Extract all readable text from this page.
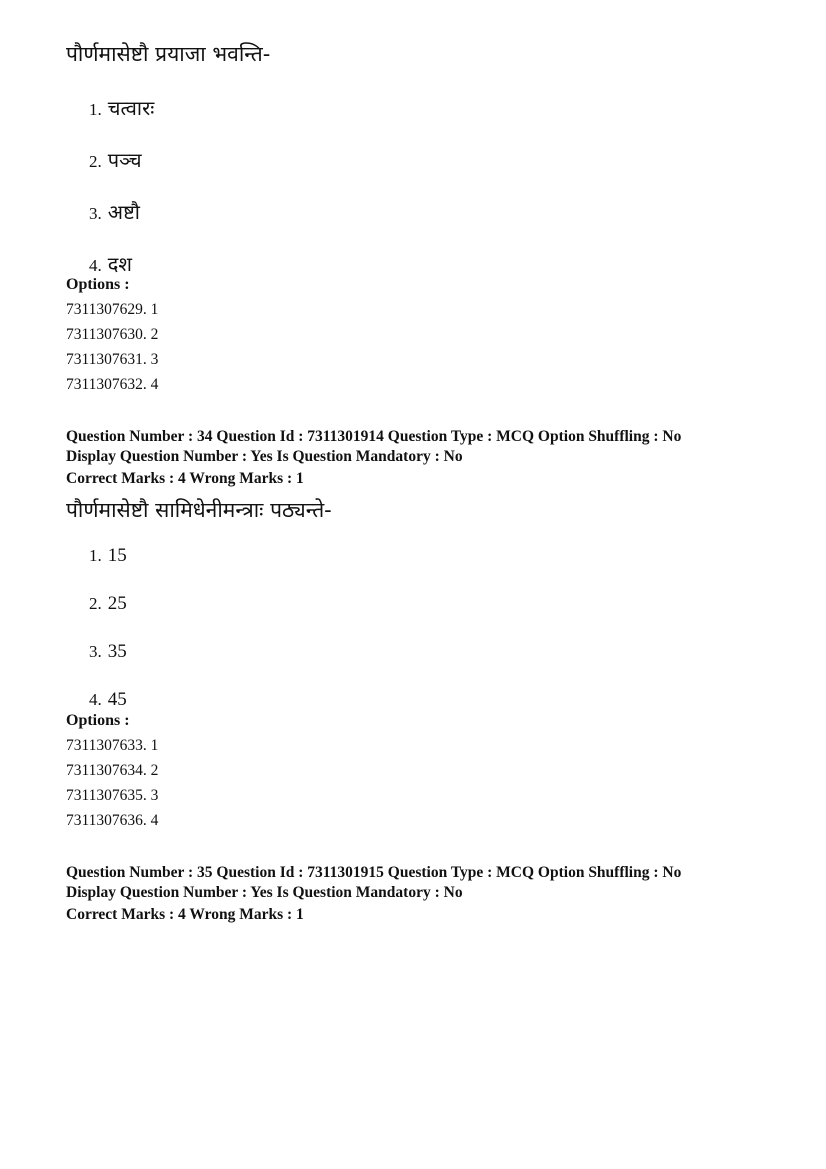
पौर्णमासेष्टौ प्रयाजा भवन्ति-
1. चत्वारः
2. पञ्च
3. अष्टौ
4. दश
Options :
7311307629. 1
7311307630. 2
7311307631. 3
7311307632. 4
Question Number : 34 Question Id : 7311301914 Question Type : MCQ Option Shuffling : No
Display Question Number : Yes Is Question Mandatory : No
Correct Marks : 4 Wrong Marks : 1
पौर्णमासेष्टौ सामिधेनीमन्त्राः पठ्यन्ते-
1. 15
2. 25
3. 35
4. 45
Options :
7311307633. 1
7311307634. 2
7311307635. 3
7311307636. 4
Question Number : 35 Question Id : 7311301915 Question Type : MCQ Option Shuffling : No
Display Question Number : Yes Is Question Mandatory : No
Correct Marks : 4 Wrong Marks : 1
